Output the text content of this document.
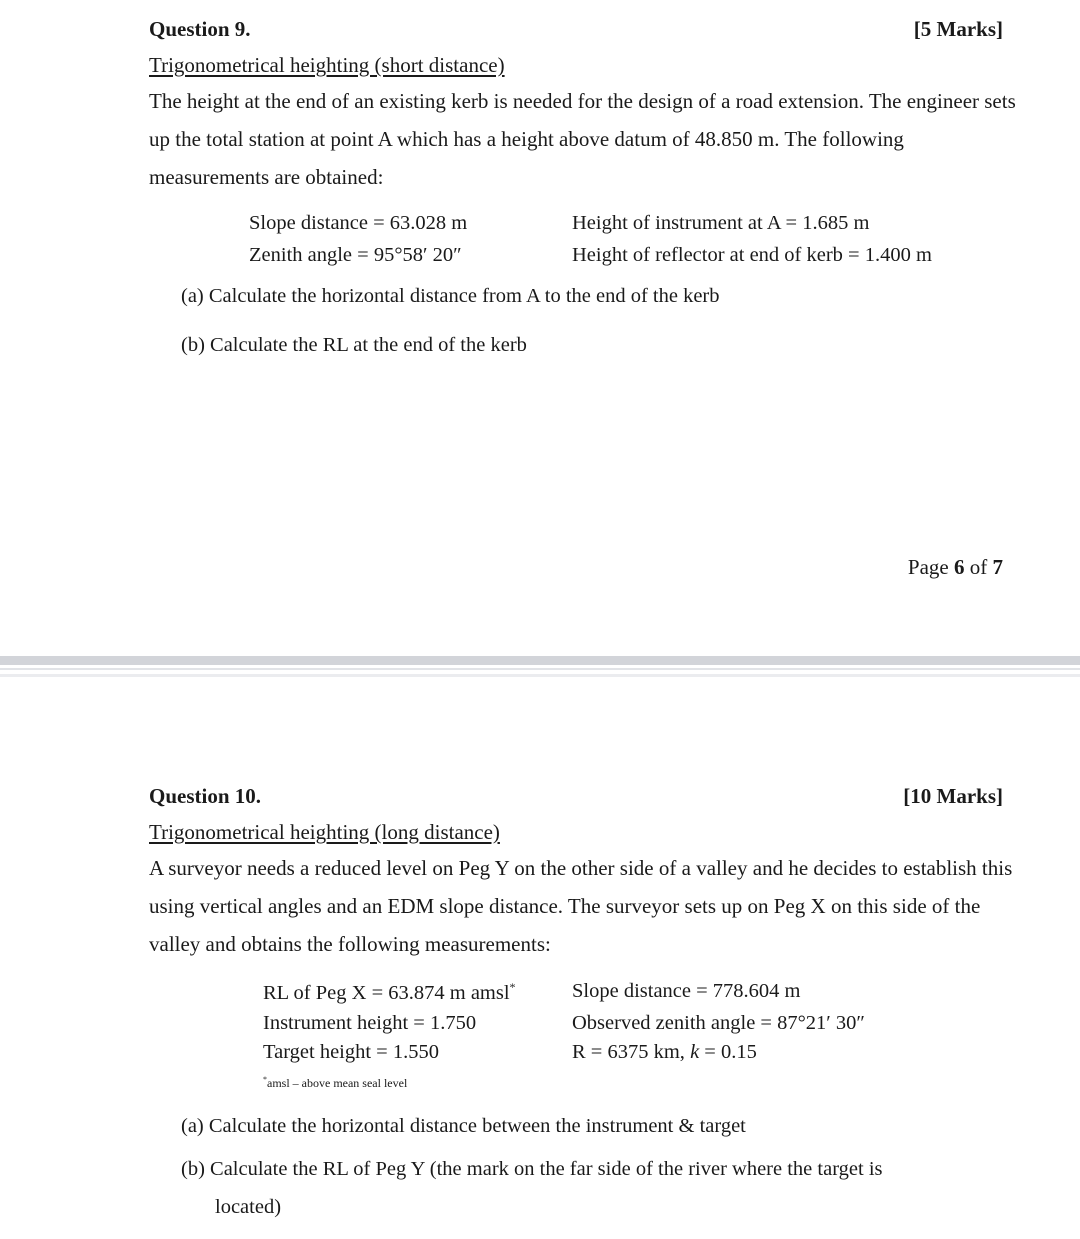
Question 9.	[5 Marks]
Trigonometrical heighting (short distance)
The height at the end of an existing kerb is needed for the design of a road extension. The engineer sets up the total station at point A which has a height above datum of 48.850 m. The following measurements are obtained:
Slope distance = 63.028 m
Zenith angle = 95°58′ 20″
Height of instrument at A = 1.685 m
Height of reflector at end of kerb = 1.400 m
(a) Calculate the horizontal distance from A to the end of the kerb
(b) Calculate the RL at the end of the kerb
Page 6 of 7
Question 10.	[10 Marks]
Trigonometrical heighting (long distance)
A surveyor needs a reduced level on Peg Y on the other side of a valley and he decides to establish this using vertical angles and an EDM slope distance. The surveyor sets up on Peg X on this side of the valley and obtains the following measurements:
RL of Peg X = 63.874 m amsl*
Instrument height = 1.750
Target height = 1.550
Slope distance = 778.604 m
Observed zenith angle = 87°21′ 30″
R = 6375 km, k = 0.15
*amsl – above mean seal level
(a) Calculate the horizontal distance between the instrument & target
(b) Calculate the RL of Peg Y (the mark on the far side of the river where the target is
located)
